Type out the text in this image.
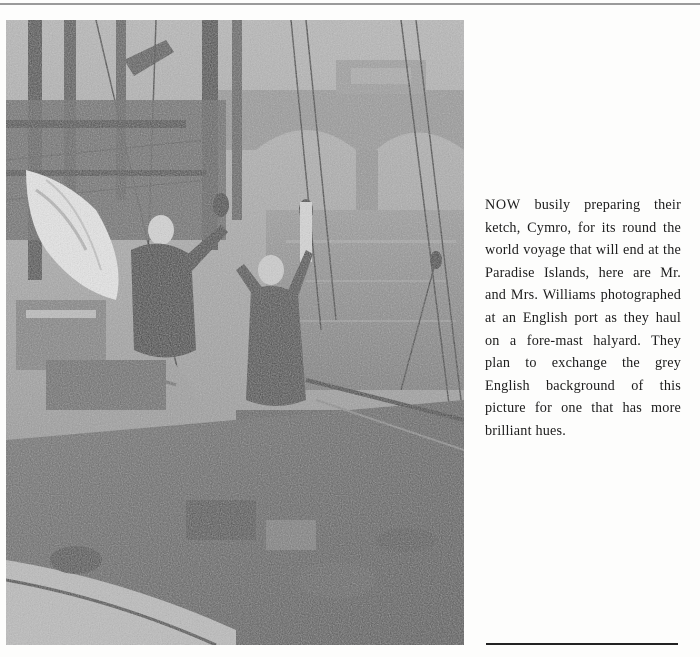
NOW busily preparing their ketch, Cymro, for its round the world voyage that will end at the Paradise Islands, here are Mr. and Mrs. Williams photographed at an English port as they haul on a fore-mast halyard. They plan to exchange the grey English background of this picture for one that has more brilliant hues.
